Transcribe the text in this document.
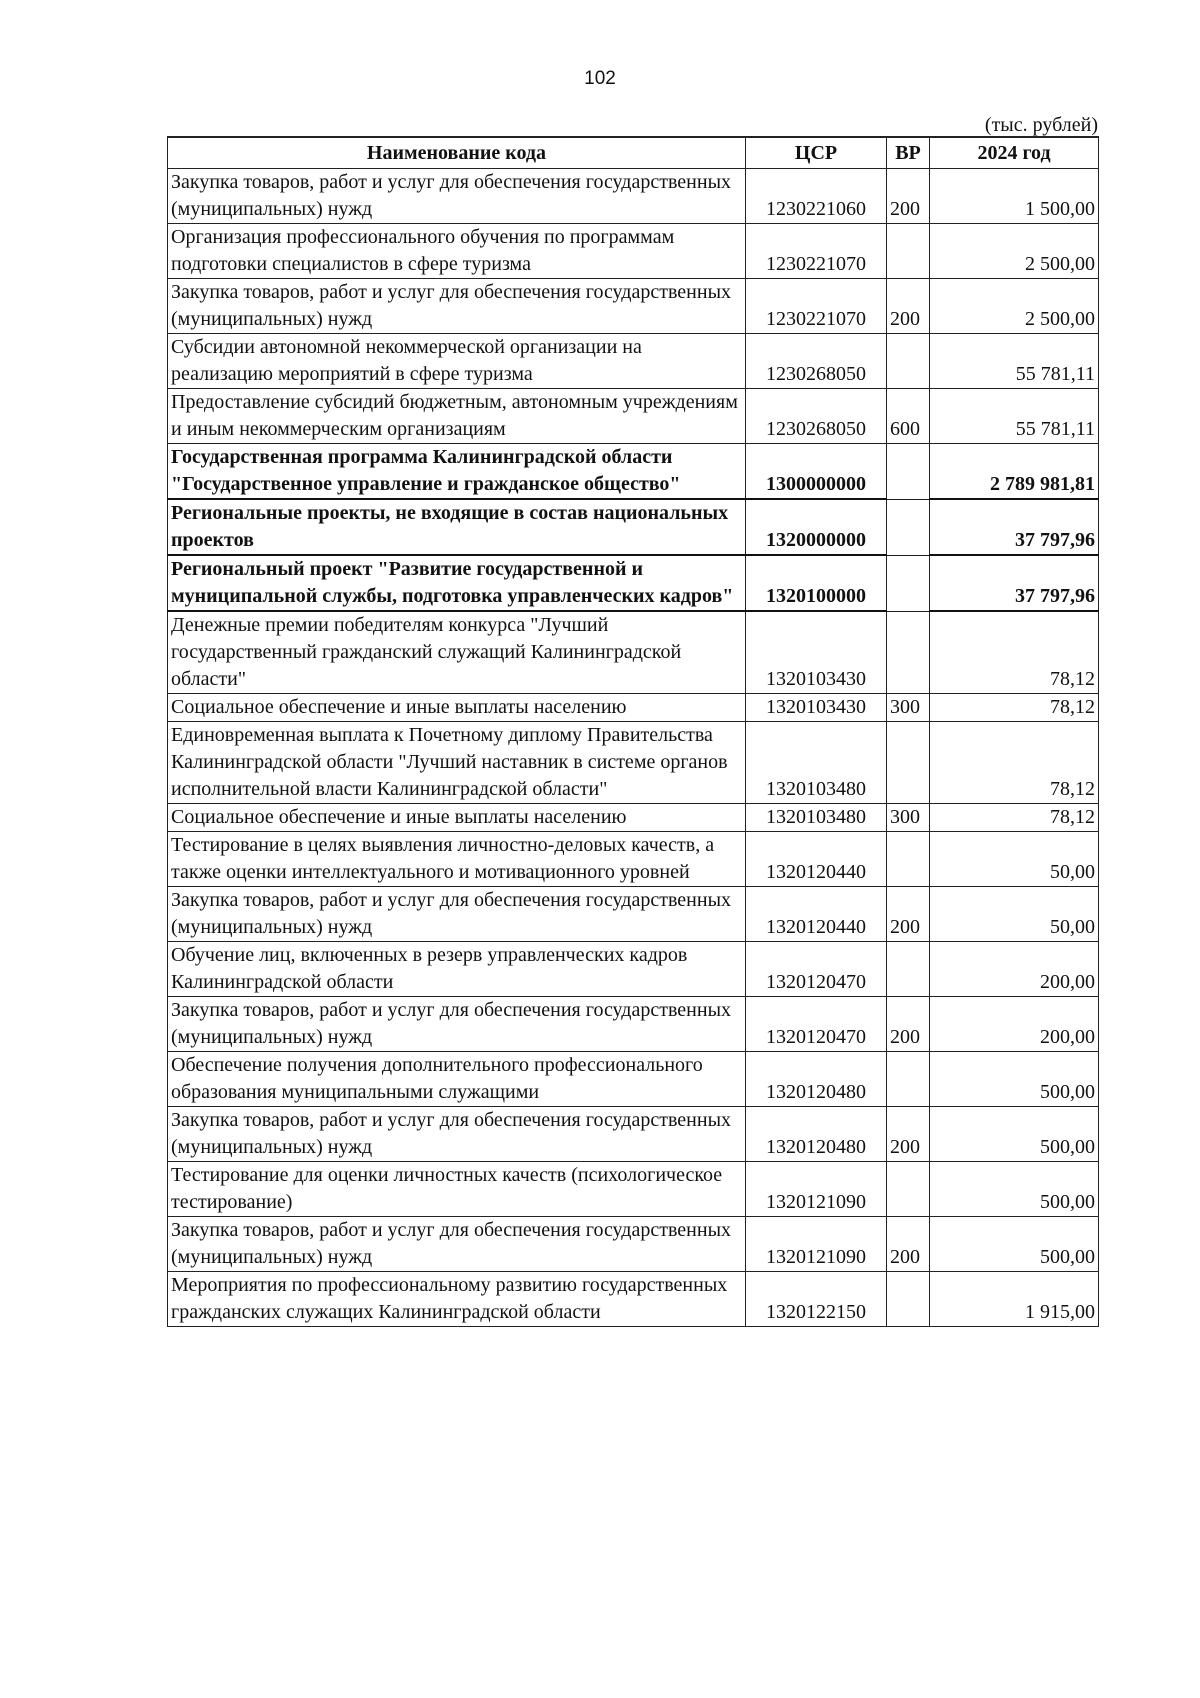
102
(тыс. рублей)
Наименование кода	ЦСР	ВР	2024 год
Закупка товаров, работ и услуг для обеспечения государственных (муниципальных) нужд	1230221060	200	1 500,00
Организация профессионального обучения по программам подготовки специалистов в сфере туризма	1230221070		2 500,00
Закупка товаров, работ и услуг для обеспечения государственных (муниципальных) нужд	1230221070	200	2 500,00
Субсидии автономной некоммерческой организации на реализацию мероприятий в сфере туризма	1230268050		55 781,11
Предоставление субсидий бюджетным, автономным учреждениям и иным некоммерческим организациям	1230268050	600	55 781,11
Государственная программа Калининградской области "Государственное управление и гражданское общество"	1300000000		2 789 981,81
Региональные проекты, не входящие в состав национальных проектов	1320000000		37 797,96
Региональный проект "Развитие государственной и муниципальной службы, подготовка управленческих кадров"	1320100000		37 797,96
Денежные премии победителям конкурса "Лучший государственный гражданский служащий Калининградской области"	1320103430		78,12
Социальное обеспечение и иные выплаты населению	1320103430	300	78,12
Единовременная выплата к Почетному диплому Правительства Калининградской области "Лучший наставник в системе органов исполнительной власти Калининградской области"	1320103480		78,12
Социальное обеспечение и иные выплаты населению	1320103480	300	78,12
Тестирование в целях выявления личностно-деловых качеств, а также оценки интеллектуального и мотивационного уровней	1320120440		50,00
Закупка товаров, работ и услуг для обеспечения государственных (муниципальных) нужд	1320120440	200	50,00
Обучение лиц, включенных в резерв управленческих кадров Калининградской области	1320120470		200,00
Закупка товаров, работ и услуг для обеспечения государственных (муниципальных) нужд	1320120470	200	200,00
Обеспечение получения дополнительного профессионального образования муниципальными служащими	1320120480		500,00
Закупка товаров, работ и услуг для обеспечения государственных (муниципальных) нужд	1320120480	200	500,00
Тестирование для оценки личностных качеств (психологическое тестирование)	1320121090		500,00
Закупка товаров, работ и услуг для обеспечения государственных (муниципальных) нужд	1320121090	200	500,00
Мероприятия по профессиональному развитию государственных гражданских служащих Калининградской области	1320122150		1 915,00
